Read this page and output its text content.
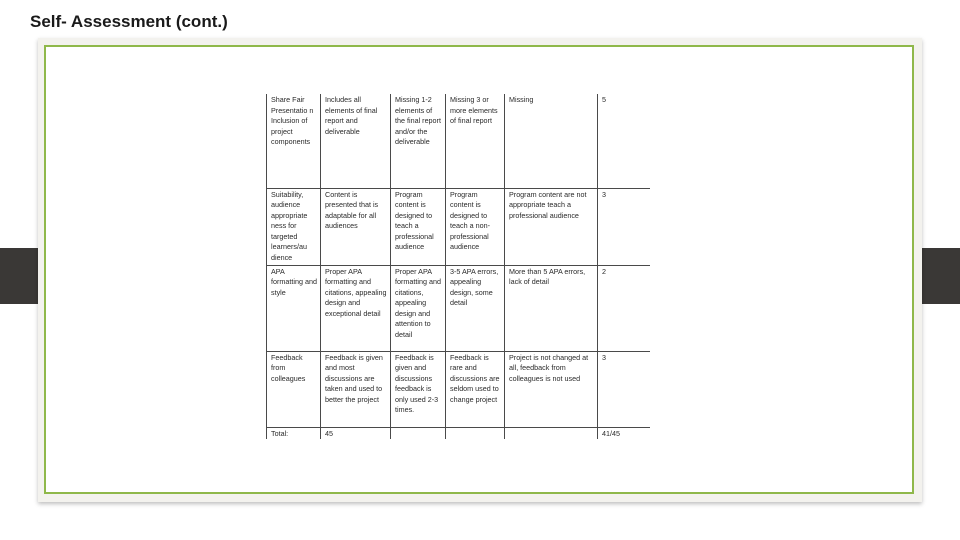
Self- Assessment (cont.)
Share Fair Presentatio n Inclusion of project components	Includes all elements of final report and deliverable	Missing 1-2 elements of the final report and/or the deliverable	Missing 3 or more elements of final report	Missing	5
Suitability, audience appropriate ness for targeted learners/au dience	Content is presented that is adaptable for all audiences	Program content is designed to teach a professional audience	Program content is designed to teach a non-professional audience	Program content are not appropriate teach a professional audience	3
APA formatting and style	Proper APA formatting and citations, appealing design and exceptional detail	Proper APA formatting and citations, appealing design and attention to detail	3-5 APA errors, appealing design, some detail	More than 5 APA errors, lack of detail	2
Feedback from colleagues	Feedback is given and most discussions are taken and used to better the project	Feedback is given and discussions feedback is only used 2-3 times.	Feedback is rare and discussions are seldom used to change project	Project is not changed at all, feedback from colleagues is not used	3
Total:	45				41/45
